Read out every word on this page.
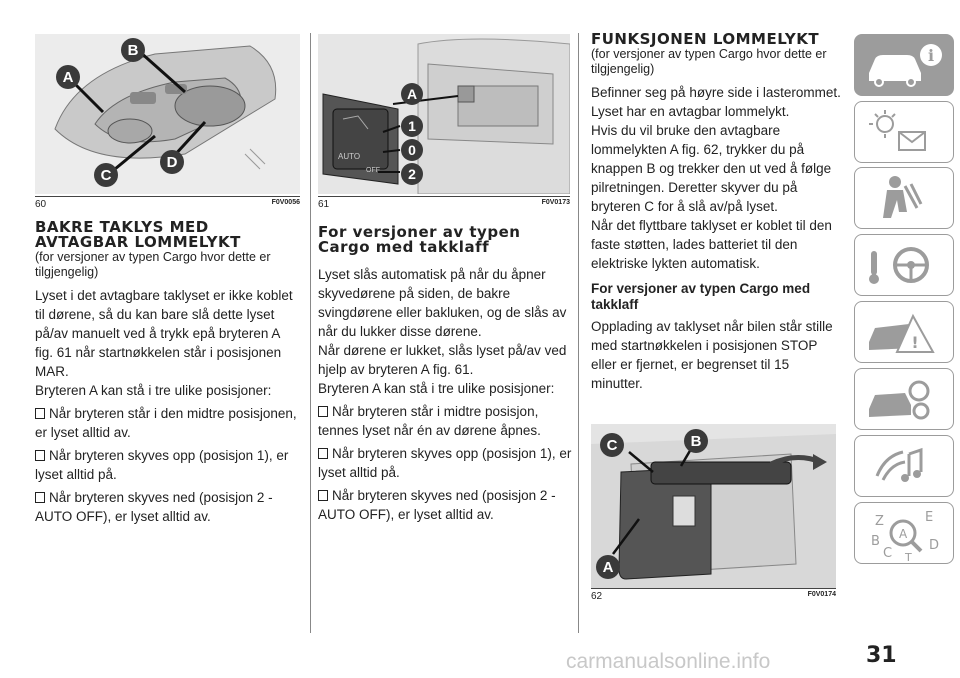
A
B
C
D
60	F0V0056

BAKRE TAKLYS MED AVTAGBAR LOMMELYKT

(for versjoner av typen Cargo hvor dette er tilgjengelig)

Lyset i det avtagbare taklyset er ikke koblet til dørene, så du kan bare slå dette lyset på/av manuelt ved å trykk epå bryteren A fig. 61 når startnøkkelen står i posisjonen MAR.

Bryteren A kan stå i tre ulike posisjoner:

Når bryteren står i den midtre posisjonen, er lyset alltid av.

Når bryteren skyves opp (posisjon 1), er lyset alltid på.

Når bryteren skyves ned (posisjon 2 - AUTO OFF), er lyset alltid av.

AUTO
OFF
A
1
0
2
61	F0V0173

For versjoner av typen Cargo med takklaff

Lyset slås automatisk på når du åpner skyvedørene på siden, de bakre svingdørene eller bakluken, og de slås av når du lukker disse dørene.

Når dørene er lukket, slås lyset på/av ved hjelp av bryteren A fig. 61.

Bryteren A kan stå i tre ulike posisjoner:

Når bryteren står i midtre posisjon, tennes lyset når én av dørene åpnes.

Når bryteren skyves opp (posisjon 1), er lyset alltid på.

Når bryteren skyves ned (posisjon 2 - AUTO OFF), er lyset alltid av.

FUNKSJONEN LOMMELYKT

(for versjoner av typen Cargo hvor dette er tilgjengelig)

Befinner seg på høyre side i lasterommet. Lyset har en avtagbar lommelykt.

Hvis du vil bruke den avtagbare lommelykten A fig. 62, trykker du på knappen B og trekker den ut ved å følge pilretningen. Deretter skyver du på bryteren C for å slå av/på lyset.

Når det flyttbare taklyset er koblet til den faste støtten, lades batteriet til den elektriske lykten automatisk.

For versjoner av typen Cargo med takklaff

Opplading av taklyset når bilen står stille med startnøkkelen i posisjonen STOP eller er fjernet, er begrenset til 15 minutter.

C	B
A
62	F0V0174
i
!
Z	E
B A
C
D
T
31
carmanualsonline.info
